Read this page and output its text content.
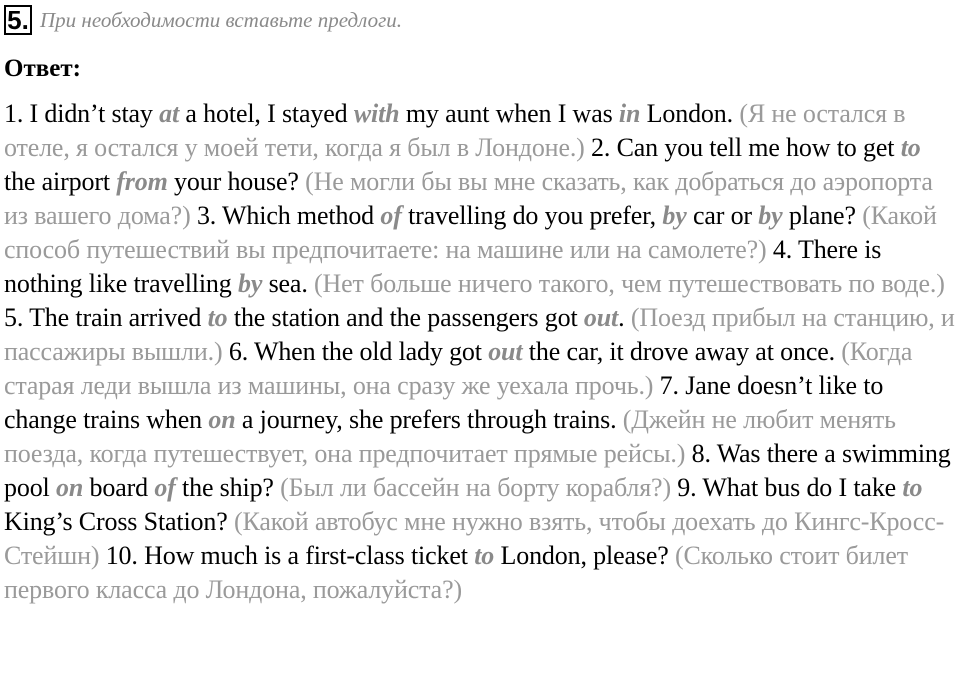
5. При необходимости вставьте предлоги.
Ответ:
1. I didn’t stay at a hotel, I stayed with my aunt when I was in London. (Я не остался в отеле, я остался у моей тети, когда я был в Лондоне.) 2. Can you tell me how to get to the airport from your house? (Не могли бы вы мне сказать, как добраться до аэропорта из вашего дома?) 3. Which method of travelling do you prefer, by car or by plane? (Какой способ путешествий вы предпочитаете: на машине или на самолете?) 4. There is nothing like travelling by sea. (Нет больше ничего такого, чем путешествовать по воде.) 5. The train arrived to the station and the passengers got out. (Поезд прибыл на станцию, и пассажиры вышли.) 6. When the old lady got out the car, it drove away at once. (Когда старая леди вышла из машины, она сразу же уехала прочь.) 7. Jane doesn’t like to change trains when on a journey, she prefers through trains. (Джейн не любит менять поезда, когда путешествует, она предпочитает прямые рейсы.) 8. Was there a swimming pool on board of the ship? (Был ли бассейн на борту корабля?) 9. What bus do I take to King’s Cross Station? (Какой автобус мне нужно взять, чтобы доехать до Кингс-Кросс-Стейшн) 10. How much is a first-class ticket to London, please? (Сколько стоит билет первого класса до Лондона, пожалуйста?)
